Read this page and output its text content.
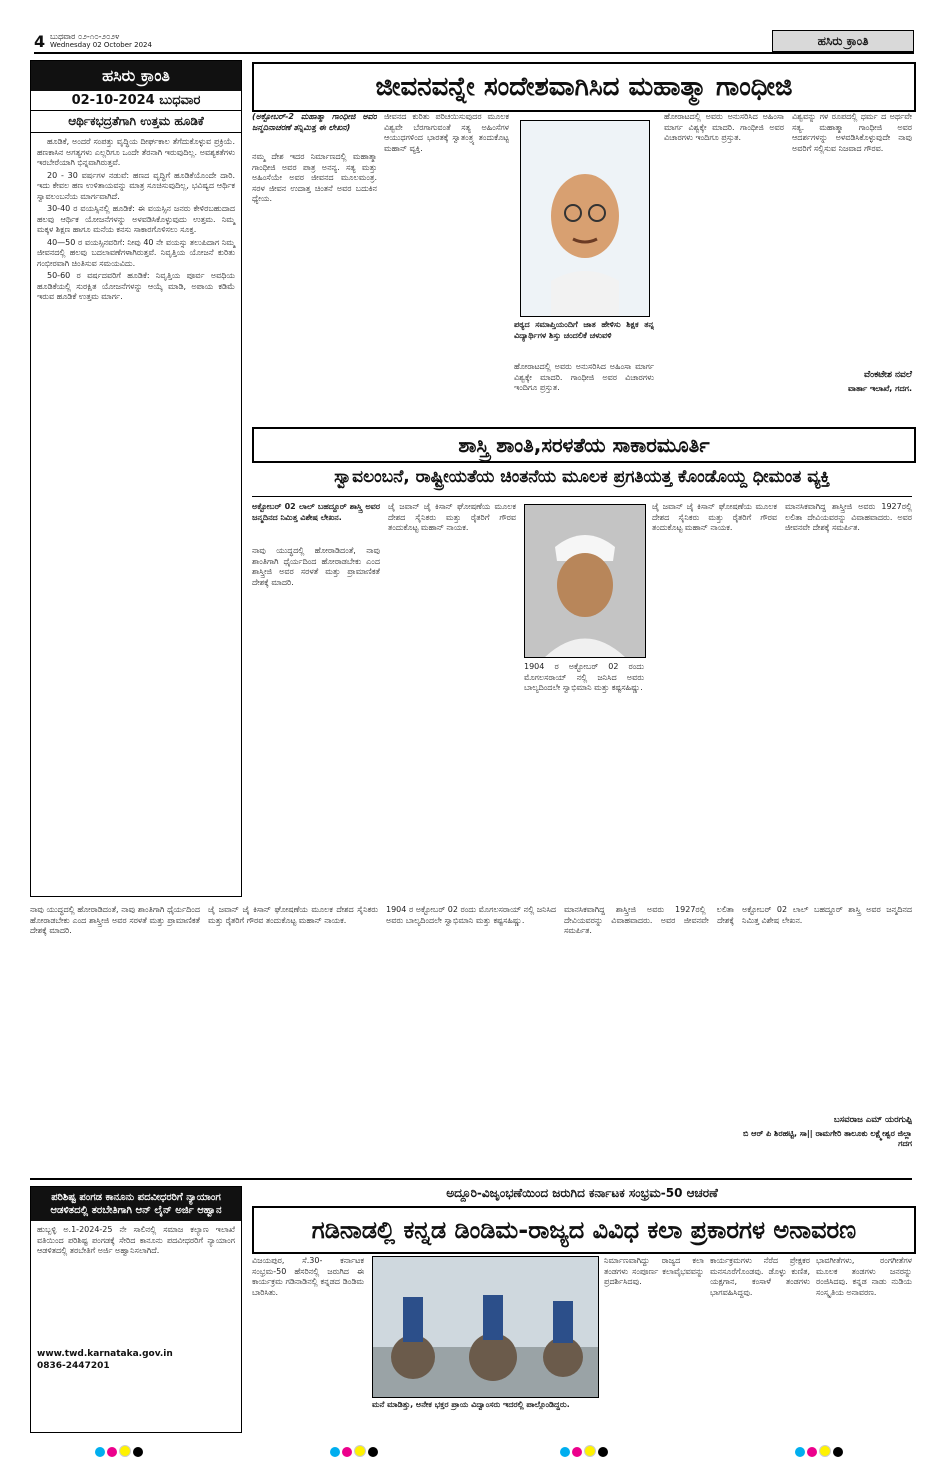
4 ಬುಧವಾರ ೦೨-೧೦-೨೦೨೪
Wednesday 02 October 2024	ಹಸಿರು ಕ್ರಾಂತಿ
ಹಸಿರು ಕ್ರಾಂತಿ
02-10-2024 ಬುಧವಾರ
ಆರ್ಥಿಕಭದ್ರತೆಗಾಗಿ ಉತ್ತಮ ಹೂಡಿಕೆ

ಹೂಡಿಕೆ, ಅಂದರೆ ಸಂಪತ್ತು ವೃದ್ಧಿಯ ದೀರ್ಘಕಾಲ ತೆಗೆದುಕೊಳ್ಳುವ ಪ್ರಕ್ರಿಯೆ. ಹಣಕಾಸಿನ ಅಗತ್ಯಗಳು ಎಲ್ಲರಿಗೂ ಒಂದೇ ತೆರನಾಗಿ ಇರುವುದಿಲ್ಲ. ಅವಶ್ಯಕತೆಗಳು ಇರಬೇರೆಯಾಗಿ ಭಿನ್ನವಾಗಿರುತ್ತವೆ.

20 - 30 ವರ್ಷಗಳ ನಡುವೆ: ಹಣದ ವೃದ್ಧಿಗೆ ಹೂಡಿಕೆಯೊಂದೇ ದಾರಿ. ಇದು ಕೇವಲ ಹಣ ಉಳಿತಾಯವನ್ನು ಮಾತ್ರ ಸೂಚಿಸುವುದಿಲ್ಲ, ಭವಿಷ್ಯದ ಆರ್ಥಿಕ ಸ್ವಾವಲಂಬನೆಯ ಮಾರ್ಗವಾಗಿದೆ.

30-40 ರ ವಯಸ್ಸಿನಲ್ಲಿ ಹೂಡಿಕೆ: ಈ ವಯಸ್ಸಿನ ಜನರು ಕೇಳಿರಬಹುದಾದ ಹಲವು ಆರ್ಥಿಕ ಯೋಜನೆಗಳನ್ನು ಅಳವಡಿಸಿಕೊಳ್ಳುವುದು ಉತ್ತಮ. ನಿಮ್ಮ ಮಕ್ಕಳ ಶಿಕ್ಷಣ ಹಾಗೂ ಮನೆಯ ಕನಸು ಸಾಕಾರಗೊಳಿಸಲು ಸೂಕ್ತ.

40—50 ರ ವಯಸ್ಸಿನವರಿಗೆ: ನೀವು 40 ನೇ ವಯಸ್ಸು ತಲುಪಿದಾಗ ನಿಮ್ಮ ಜೀವನದಲ್ಲಿ ಹಲವು ಬದಲಾವಣೆಗಳಾಗಿರುತ್ತವೆ. ನಿವೃತ್ತಿಯ ಯೋಜನೆ ಕುರಿತು ಗಂಭೀರವಾಗಿ ಚಿಂತಿಸುವ ಸಮಯವಿದು.

50-60 ರ ವರ್ಷದವರಿಗೆ ಹೂಡಿಕೆ: ನಿವೃತ್ತಿಯ ಪೂರ್ವ ಅವಧಿಯ ಹೂಡಿಕೆಯಲ್ಲಿ ಸುರಕ್ಷಿತ ಯೋಜನೆಗಳನ್ನು ಆಯ್ಕೆ ಮಾಡಿ, ಅಪಾಯ ಕಡಿಮೆ ಇರುವ ಹೂಡಿಕೆ ಉತ್ತಮ ಮಾರ್ಗ.

ಜೀವನವನ್ನೇ ಸಂದೇಶವಾಗಿಸಿದ ಮಹಾತ್ಮಾ ಗಾಂಧೀಜಿ
(ಅಕ್ಟೋಬರ್-2 ಮಹಾತ್ಮಾ ಗಾಂಧೀಜಿ ಅವರ ಜನ್ಮದಿನಾಚರಣೆ ತನ್ನಿಮಿತ್ತ ಈ ಲೇಖನ)
ನಮ್ಮ ದೇಶ ಇದರ ನಿರ್ಮಾಣದಲ್ಲಿ ಮಹಾತ್ಮಾ ಗಾಂಧೀಜಿ ಅವರ ಪಾತ್ರ ಅನನ್ಯ. ಸತ್ಯ ಮತ್ತು ಅಹಿಂಸೆಯೇ ಅವರ ಜೀವನದ ಮೂಲಮಂತ್ರ. ಸರಳ ಜೀವನ ಉದಾತ್ತ ಚಿಂತನೆ ಅವರ ಬದುಕಿನ ಧ್ಯೇಯ.
ಜೀವನದ ಕುರಿತು ಪರಿಚಯಿಸುವುದರ ಮೂಲಕ ವಿಶ್ವವೇ ಬೆರಗಾಗುವಂತೆ ಸತ್ಯ ಅಹಿಂಸೆಗಳ ಆಯುಧಗಳಿಂದ ಭಾರತಕ್ಕೆ ಸ್ವಾತಂತ್ರ್ಯ ತಂದುಕೊಟ್ಟ ಮಹಾನ್ ವ್ಯಕ್ತಿ.
ಪಠ್ಯದ ಸಮಾಪ್ತಿಯಂದಿಗೆ ಜಾತ ಹೇಳಿಸು ಶಿಕ್ಷಕ ತನ್ನ ವಿದ್ಯಾರ್ಥಿಗಳ ಶಿಸ್ತು ಚಂದಲಿಕೆ ಚಳುವಳಿ
ಹೋರಾಟದಲ್ಲಿ ಅವರು ಅನುಸರಿಸಿದ ಅಹಿಂಸಾ ಮಾರ್ಗ ವಿಶ್ವಕ್ಕೇ ಮಾದರಿ. ಗಾಂಧೀಜಿ ಅವರ ವಿಚಾರಗಳು ಇಂದಿಗೂ ಪ್ರಸ್ತುತ.
ಹೋರಾಟದಲ್ಲಿ ಅವರು ಅನುಸರಿಸಿದ ಅಹಿಂಸಾ ಮಾರ್ಗ ವಿಶ್ವಕ್ಕೇ ಮಾದರಿ. ಗಾಂಧೀಜಿ ಅವರ ವಿಚಾರಗಳು ಇಂದಿಗೂ ಪ್ರಸ್ತುತ.
ವಿಶ್ವವನ್ನು ಗಳ ರೂಪದಲ್ಲಿ ಧರ್ಮ ದ ಅರ್ಥವೇ ಸತ್ಯ. ಮಹಾತ್ಮಾ ಗಾಂಧೀಜಿ ಅವರ ಆದರ್ಶಗಳನ್ನು ಅಳವಡಿಸಿಕೊಳ್ಳುವುದೇ ನಾವು ಅವರಿಗೆ ಸಲ್ಲಿಸುವ ನಿಜವಾದ ಗೌರವ.
ವೆಂಕಟೇಶ ನವಲೆ
ವಾರ್ತಾ ಇಲಾಖೆ, ಗದಗ.
ಶಾಸ್ತ್ರಿ ಶಾಂತಿ,ಸರಳತೆಯ ಸಾಕಾರಮೂರ್ತಿ
ಸ್ವಾವಲಂಬನೆ, ರಾಷ್ಟ್ರೀಯತೆಯ ಚಿಂತನೆಯ ಮೂಲಕ ಪ್ರಗತಿಯತ್ತ ಕೊಂಡೊಯ್ದ ಧೀಮಂತ ವ್ಯಕ್ತಿ
ಅಕ್ಟೋಬರ್ 02 ಲಾಲ್ ಬಹದ್ದೂರ್ ಶಾಸ್ತ್ರಿ ಅವರ ಜನ್ಮದಿನದ ನಿಮಿತ್ತ ವಿಶೇಷ ಲೇಖನ.
ನಾವು ಯುದ್ಧದಲ್ಲಿ ಹೋರಾಡಿದಂತೆ, ನಾವು ಶಾಂತಿಗಾಗಿ ಧೈರ್ಯದಿಂದ ಹೋರಾಡಬೇಕು ಎಂದ ಶಾಸ್ತ್ರೀಜಿ ಅವರ ಸರಳತೆ ಮತ್ತು ಪ್ರಾಮಾಣಿಕತೆ ದೇಶಕ್ಕೆ ಮಾದರಿ.
ಜೈ ಜವಾನ್ ಜೈ ಕಿಸಾನ್ ಘೋಷಣೆಯ ಮೂಲಕ ದೇಶದ ಸೈನಿಕರು ಮತ್ತು ರೈತರಿಗೆ ಗೌರವ ತಂದುಕೊಟ್ಟ ಮಹಾನ್ ನಾಯಕ.
1904 ರ ಅಕ್ಟೋಬರ್ 02 ರಂದು ಮೊಗಲಸರಾಯ್ ನಲ್ಲಿ ಜನಿಸಿದ ಅವರು ಬಾಲ್ಯದಿಂದಲೇ ಸ್ವಾಭಿಮಾನಿ ಮತ್ತು ಕಷ್ಟಸಹಿಷ್ಣು.
ಜೈ ಜವಾನ್ ಜೈ ಕಿಸಾನ್ ಘೋಷಣೆಯ ಮೂಲಕ ದೇಶದ ಸೈನಿಕರು ಮತ್ತು ರೈತರಿಗೆ ಗೌರವ ತಂದುಕೊಟ್ಟ ಮಹಾನ್ ನಾಯಕ.
ಮಾನಸಿಕವಾಗಿದ್ದ ಶಾಸ್ತ್ರೀಜಿ ಅವರು 1927ರಲ್ಲಿ ಲಲಿತಾ ದೇವಿಯವರನ್ನು ವಿವಾಹವಾದರು. ಅವರ ಜೀವನವೇ ದೇಶಕ್ಕೆ ಸಮರ್ಪಿತ.
ನಾವು ಯುದ್ಧದಲ್ಲಿ ಹೋರಾಡಿದಂತೆ, ನಾವು ಶಾಂತಿಗಾಗಿ ಧೈರ್ಯದಿಂದ ಹೋರಾಡಬೇಕು ಎಂದ ಶಾಸ್ತ್ರೀಜಿ ಅವರ ಸರಳತೆ ಮತ್ತು ಪ್ರಾಮಾಣಿಕತೆ ದೇಶಕ್ಕೆ ಮಾದರಿ.
ಜೈ ಜವಾನ್ ಜೈ ಕಿಸಾನ್ ಘೋಷಣೆಯ ಮೂಲಕ ದೇಶದ ಸೈನಿಕರು ಮತ್ತು ರೈತರಿಗೆ ಗೌರವ ತಂದುಕೊಟ್ಟ ಮಹಾನ್ ನಾಯಕ.
1904 ರ ಅಕ್ಟೋಬರ್ 02 ರಂದು ಮೊಗಲಸರಾಯ್ ನಲ್ಲಿ ಜನಿಸಿದ ಅವರು ಬಾಲ್ಯದಿಂದಲೇ ಸ್ವಾಭಿಮಾನಿ ಮತ್ತು ಕಷ್ಟಸಹಿಷ್ಣು.
ಮಾನಸಿಕವಾಗಿದ್ದ ಶಾಸ್ತ್ರೀಜಿ ಅವರು 1927ರಲ್ಲಿ ಲಲಿತಾ ದೇವಿಯವರನ್ನು ವಿವಾಹವಾದರು. ಅವರ ಜೀವನವೇ ದೇಶಕ್ಕೆ ಸಮರ್ಪಿತ.
ಅಕ್ಟೋಬರ್ 02 ಲಾಲ್ ಬಹದ್ದೂರ್ ಶಾಸ್ತ್ರಿ ಅವರ ಜನ್ಮದಿನದ ನಿಮಿತ್ತ ವಿಶೇಷ ಲೇಖನ.
ಬಸವರಾಜ ಎಮ್ ಯರಗುಪ್ಪಿ
ಬಿ ಆರ್ ಪಿ ಶಿರಹಟ್ಟಿ, ಸಾ|| ರಾಮಗೇರಿ ತಾಲೂಕು ಲಕ್ಷ್ಮೇಶ್ವರ ಜಿಲ್ಲಾ ಗದಗ
ಪರಿಶಿಷ್ಟ ಪಂಗಡ ಕಾನೂನು ಪದವೀಧರರಿಗೆ ನ್ಯಾಯಾಂಗ ಆಡಳಿತದಲ್ಲಿ ತರಬೇತಿಗಾಗಿ ಆನ್ ಲೈನ್ ಅರ್ಜಿ ಆಹ್ವಾನ
ಹುಬ್ಬಳ್ಳಿ ಅ.1-2024-25 ನೇ ಸಾಲಿನಲ್ಲಿ ಸಮಾಜ ಕಲ್ಯಾಣ ಇಲಾಖೆ ವತಿಯಿಂದ ಪರಿಶಿಷ್ಟ ಪಂಗಡಕ್ಕೆ ಸೇರಿದ ಕಾನೂನು ಪದವೀಧರರಿಗೆ ನ್ಯಾಯಾಂಗ ಆಡಳಿತದಲ್ಲಿ ತರಬೇತಿಗೆ ಅರ್ಜಿ ಅಹ್ವಾನಿಸಲಾಗಿದೆ.
www.twd.karnataka.gov.in
0836-2447201
ಅದ್ದೂರಿ-ವಿಜೃಂಭಣೆಯಿಂದ ಜರುಗಿದ ಕರ್ನಾಟಕ ಸಂಭ್ರಮ-50 ಆಚರಣೆ
ಗಡಿನಾಡಲ್ಲಿ ಕನ್ನಡ ಡಿಂಡಿಮ-ರಾಜ್ಯದ ವಿವಿಧ ಕಲಾ ಪ್ರಕಾರಗಳ ಅನಾವರಣ
ವಿಜಯಪುರ, ಸೆ.30- ಕರ್ನಾಟಕ ಸಂಭ್ರಮ-50 ಹೆಸರಿನಲ್ಲಿ ಜರುಗಿದ ಈ ಕಾರ್ಯಕ್ರಮ ಗಡಿನಾಡಿನಲ್ಲಿ ಕನ್ನಡದ ಡಿಂಡಿಮ ಬಾರಿಸಿತು.
ಮನೆ ಮಾಡಿತ್ತು, ಅನೇಕ ಭಕ್ತರ ಪ್ರಾಯ ವಿದ್ವಾಂಸರು ಇದರಲ್ಲಿ ಪಾಲ್ಗೊಂಡಿದ್ದರು.
ನಿರ್ಮಾಣವಾಗಿದ್ದು ರಾಜ್ಯದ ಕಲಾ ತಂಡಗಳು ಸಂಪೂರ್ಣ ಕಲಾವೈಭವವನ್ನು ಪ್ರದರ್ಶಿಸಿದವು.
ಕಾರ್ಯಕ್ರಮಗಳು ನೆರೆದ ಪ್ರೇಕ್ಷಕರ ಮನಸೂರೆಗೊಂಡವು. ಡೊಳ್ಳು ಕುಣಿತ, ಯಕ್ಷಗಾನ, ಕಂಸಾಳೆ ತಂಡಗಳು ಭಾಗವಹಿಸಿದ್ದವು.
ಭಾವಗೀತೆಗಳು, ರಂಗಗೀತೆಗಳ ಮೂಲಕ ತಂಡಗಳು ಜನರನ್ನು ರಂಜಿಸಿದವು. ಕನ್ನಡ ನಾಡು ನುಡಿಯ ಸಂಸ್ಕೃತಿಯ ಅನಾವರಣ.
